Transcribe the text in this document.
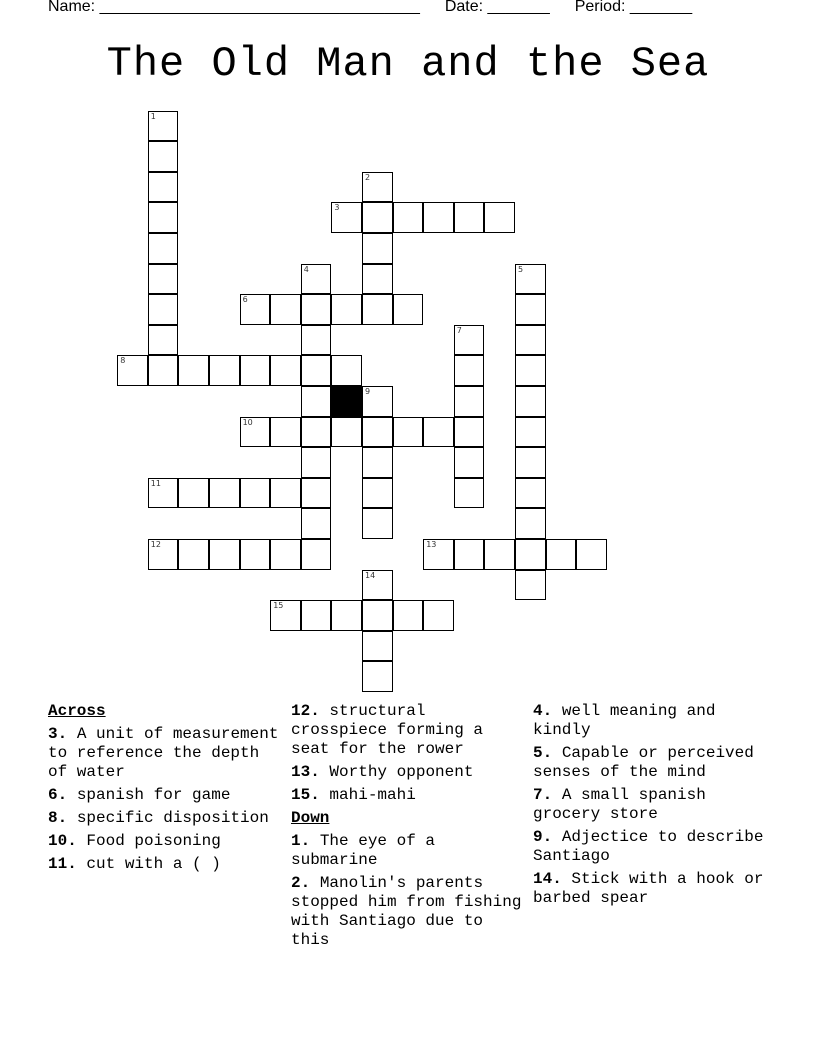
Name: ____________________________________ Date: _______ Period: _______
The Old Man and the Sea
1
2
3
4	5
6
7
8
9
10
11
12	13
14
15
Across
3. A unit of measurement to reference the depth of water
6. spanish for game
8. specific disposition
10. Food poisoning
11. cut with a ( )
12. structural crosspiece forming a seat for the rower
13. Worthy opponent
15. mahi-mahi
Down
1. The eye of a submarine
2. Manolin's parents stopped him from fishing with Santiago due to this
4. well meaning and kindly
5. Capable or perceived senses of the mind
7. A small spanish grocery store
9. Adjectice to describe Santiago
14. Stick with a hook or barbed spear
